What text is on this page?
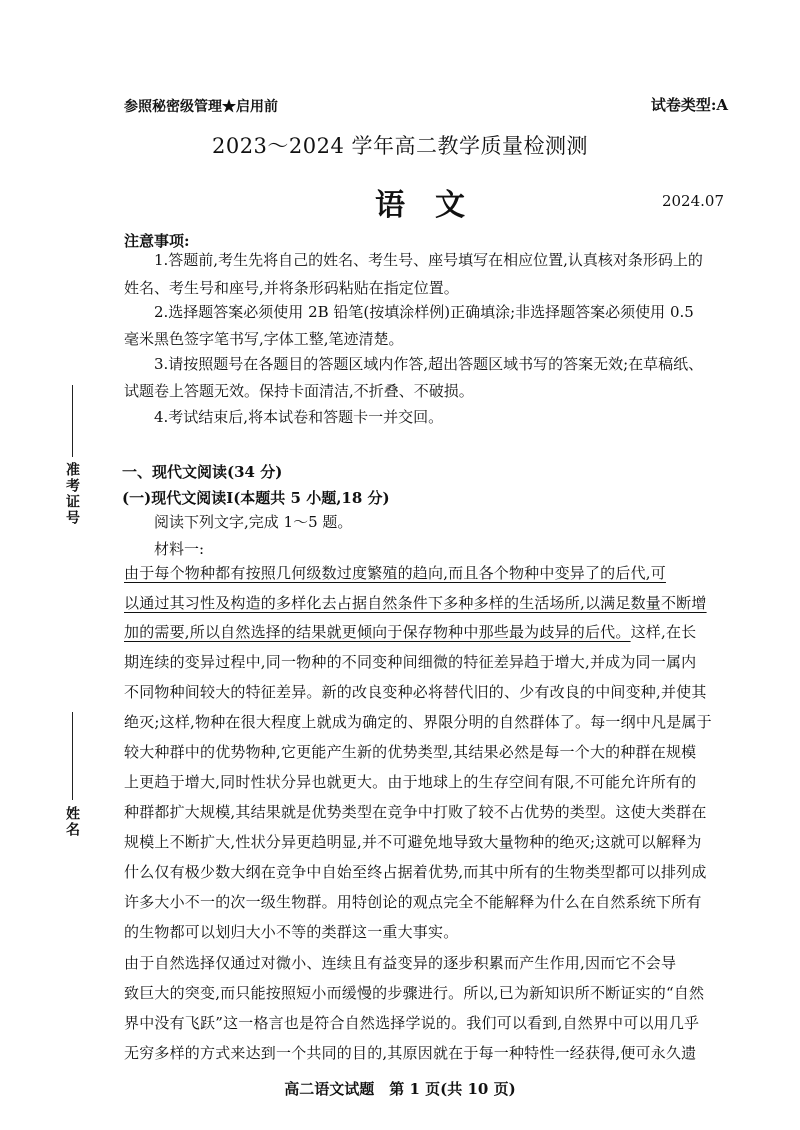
参照秘密级管理★启用前	试卷类型:A
2023～2024 学年高二教学质量检测测
语文	2024.07
注意事项:
1.答题前,考生先将自己的姓名、考生号、座号填写在相应位置,认真核对条形码上的
姓名、考生号和座号,并将条形码粘贴在指定位置。
2.选择题答案必须使用 2B 铅笔(按填涂样例)正确填涂;非选择题答案必须使用 0.5
毫米黑色签字笔书写,字体工整,笔迹清楚。
3.请按照题号在各题目的答题区域内作答,超出答题区域书写的答案无效;在草稿纸、
试题卷上答题无效。保持卡面清洁,不折叠、不破损。
4.考试结束后,将本试卷和答题卡一并交回。
准考证号
姓名
一、现代文阅读(34 分)
(一)现代文阅读Ⅰ(本题共 5 小题,18 分)
阅读下列文字,完成 1～5 题。
材料一:
由于每个物种都有按照几何级数过度繁殖的趋向,而且各个物种中变异了的后代,可
以通过其习性及构造的多样化去占据自然条件下多种多样的生活场所,以满足数量不断增
加的需要,所以自然选择的结果就更倾向于保存物种中那些最为歧异的后代。这样,在长
期连续的变异过程中,同一物种的不同变种间细微的特征差异趋于增大,并成为同一属内
不同物种间较大的特征差异。新的改良变种必将替代旧的、少有改良的中间变种,并使其
绝灭;这样,物种在很大程度上就成为确定的、界限分明的自然群体了。每一纲中凡是属于
较大种群中的优势物种,它更能产生新的优势类型,其结果必然是每一个大的种群在规模
上更趋于增大,同时性状分异也就更大。由于地球上的生存空间有限,不可能允许所有的
种群都扩大规模,其结果就是优势类型在竞争中打败了较不占优势的类型。这使大类群在
规模上不断扩大,性状分异更趋明显,并不可避免地导致大量物种的绝灭;这就可以解释为
什么仅有极少数大纲在竞争中自始至终占据着优势,而其中所有的生物类型都可以排列成
许多大小不一的次一级生物群。用特创论的观点完全不能解释为什么在自然系统下所有
的生物都可以划归大小不等的类群这一重大事实。
由于自然选择仅通过对微小、连续且有益变异的逐步积累而产生作用,因而它不会导
致巨大的突变,而只能按照短小而缓慢的步骤进行。所以,已为新知识所不断证实的“自然
界中没有飞跃”这一格言也是符合自然选择学说的。我们可以看到,自然界中可以用几乎
无穷多样的方式来达到一个共同的目的,其原因就在于每一种特性一经获得,便可永久遗
高二语文试题　第 1 页(共 10 页)
